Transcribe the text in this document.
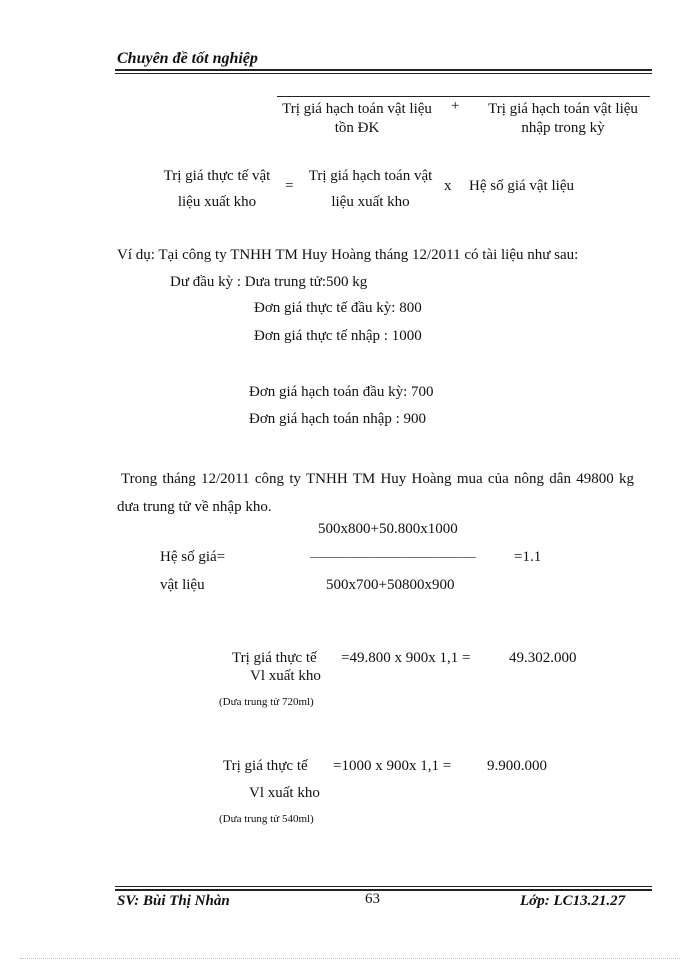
Chuyên đề tốt nghiệp
Trị giá hạch toán vật liệu tồn ĐK
+ Trị giá hạch toán vật liệu nhập trong kỳ
Trị giá thực tế vật liệu xuất kho
=
Trị giá hạch toán vật liệu xuất kho
x Hệ số giá vật liệu
Ví dụ: Tại công ty TNHH TM Huy Hoàng tháng 12/2011 có tài liệu như sau:
Dư đầu kỳ : Dưa trung tử:500 kg
Đơn giá thực tế đầu kỳ: 800
Đơn giá thực tế nhập : 1000
Đơn giá hạch toán đầu kỳ: 700
Đơn giá hạch toán nhập : 900
Trong tháng 12/2011 công ty TNHH TM Huy Hoàng mua của nông dân 49800 kg dưa trung tử về nhập kho.
500x800+50.800x1000
Hệ số giá=	———————————————	=1.1
vật liệu	500x700+50800x900
Trị giá thực tế =49.800 x 900x 1,1 =	49.302.000
Vl xuất kho
(Dưa trung tử 720ml)
Trị giá thực tế =1000 x 900x 1,1 = 9.900.000
Vl xuất kho
(Dưa trung tử 540ml)
SV: Bùi Thị Nhàn	63	Lớp: LC13.21.27
